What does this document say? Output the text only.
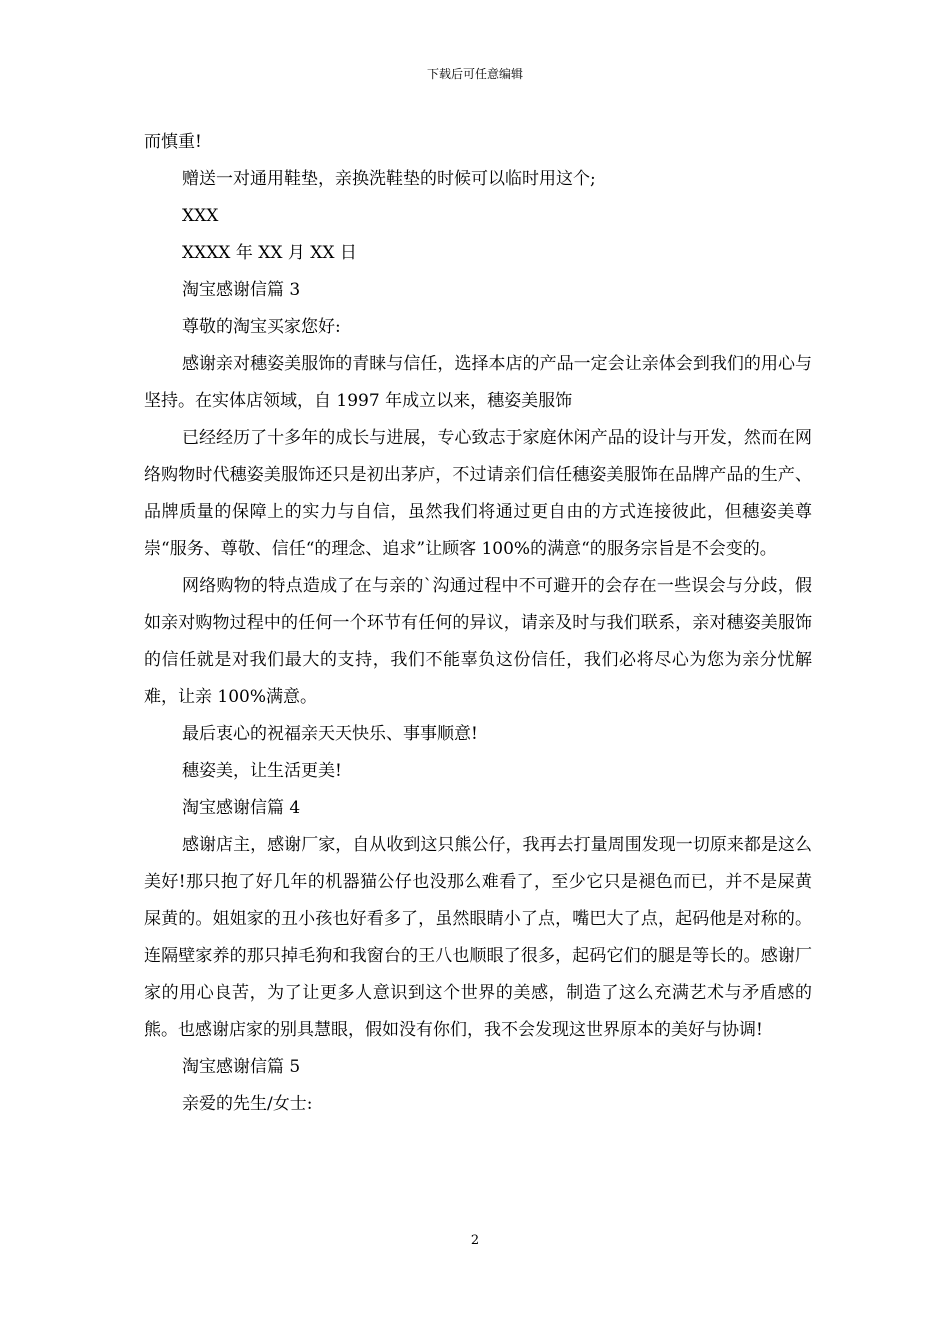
下载后可任意编辑

而慎重!

赠送一对通用鞋垫，亲换洗鞋垫的时候可以临时用这个;

XXX

XXXX 年 XX 月 XX 日

淘宝感谢信篇 3

尊敬的淘宝买家您好:

感谢亲对穗姿美服饰的青睐与信任，选择本店的产品一定会让亲体会到我们的用心与坚持。在实体店领域，自 1997 年成立以来，穗姿美服饰

已经经历了十多年的成长与进展，专心致志于家庭休闲产品的设计与开发，然而在网络购物时代穗姿美服饰还只是初出茅庐，不过请亲们信任穗姿美服饰在品牌产品的生产、品牌质量的保障上的实力与自信，虽然我们将通过更自由的方式连接彼此，但穗姿美尊崇“服务、尊敬、信任“的理念、追求”让顾客 100%的满意“的服务宗旨是不会变的。

网络购物的特点造成了在与亲的`沟通过程中不可避开的会存在一些误会与分歧，假如亲对购物过程中的任何一个环节有任何的异议，请亲及时与我们联系，亲对穗姿美服饰的信任就是对我们最大的支持，我们不能辜负这份信任，我们必将尽心为您为亲分忧解难，让亲 100%满意。

最后衷心的祝福亲天天快乐、事事顺意!

穗姿美，让生活更美!

淘宝感谢信篇 4

感谢店主，感谢厂家，自从收到这只熊公仔，我再去打量周围发现一切原来都是这么美好!那只抱了好几年的机器猫公仔也没那么难看了，至少它只是褪色而已，并不是屎黄屎黄的。姐姐家的丑小孩也好看多了，虽然眼睛小了点，嘴巴大了点，起码他是对称的。连隔壁家养的那只掉毛狗和我窗台的王八也顺眼了很多，起码它们的腿是等长的。感谢厂家的用心良苦，为了让更多人意识到这个世界的美感，制造了这么充满艺术与矛盾感的熊。也感谢店家的别具慧眼，假如没有你们，我不会发现这世界原本的美好与协调!

淘宝感谢信篇 5

亲爱的先生/女士:

2
